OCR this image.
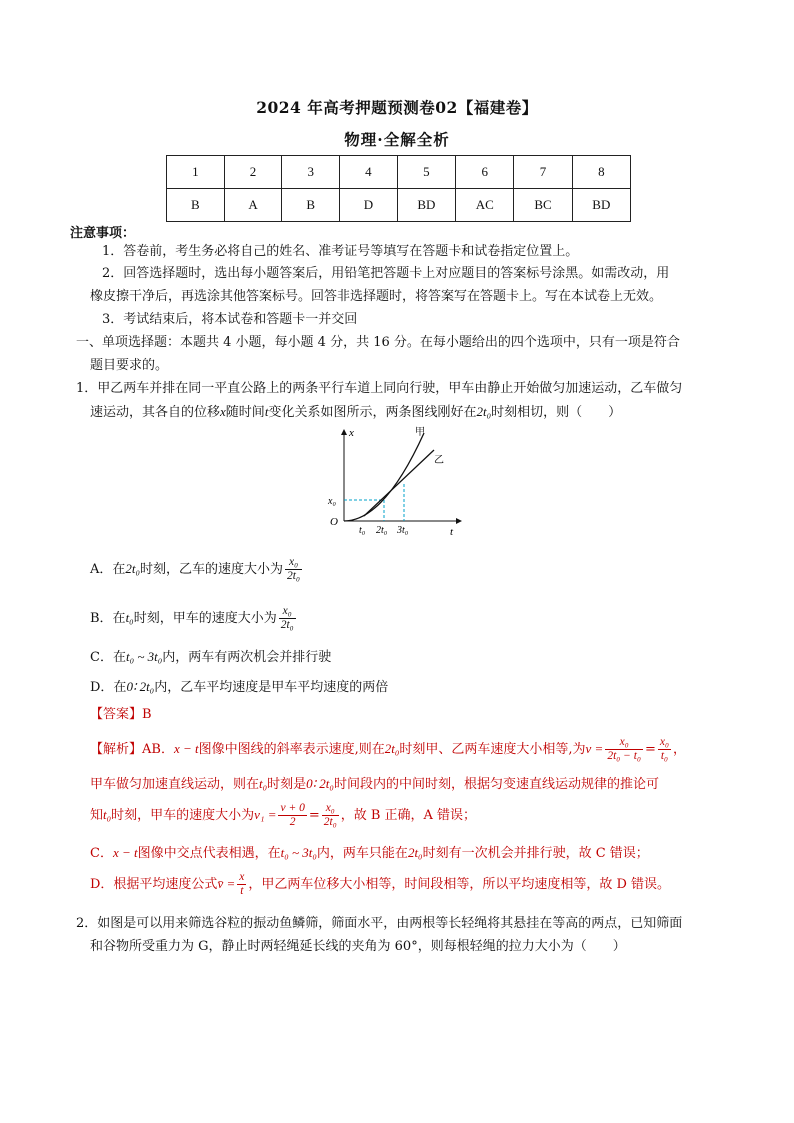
2024 年高考押题预测卷02【福建卷】
物理·全解全析
1	2	3	4	5	6	7	8
B	A	B	D	BD	AC	BC	BD
注意事项：
1．答卷前，考生务必将自己的姓名、准考证号等填写在答题卡和试卷指定位置上。
2．回答选择题时，选出每小题答案后，用铅笔把答题卡上对应题目的答案标号涂黑。如需改动，用
橡皮擦干净后，再选涂其他答案标号。回答非选择题时，将答案写在答题卡上。写在本试卷上无效。
3．考试结束后，将本试卷和答题卡一并交回
一、单项选择题：本题共 4 小题，每小题 4 分，共 16 分。在每小题给出的四个选项中，只有一项是符合
题目要求的。
1．甲乙两车并排在同一平直公路上的两条平行车道上同向行驶，甲车由静止开始做匀加速运动，乙车做匀
速运动，其各自的位移x随时间t变化关系如图所示，两条图线刚好在2t₀时刻相切，则（　　）
x
t
O
甲
乙
x₀
t₀ 2t₀ 3t₀
A．在2t₀时刻，乙车的速度大小为 $\frac{\text{x₀}}{\text{2t₀}}$
B．在t₀时刻，甲车的速度大小为 $\frac{\text{x₀}}{\text{2t₀}}$
C．在t₀ ~ 3t₀内，两车有两次机会并排行驶
D．在0∶ 2t₀内，乙车平均速度是甲车平均速度的两倍
【答案】B
【解析】AB．x − t图像中图线的斜率表示速度,则在2t₀时刻甲、乙两车速度大小相等,为$v = \frac{\text{x₀}}{\text{2t₀ − t₀}} = \frac{\text{x₀}}{\text{t₀}}$ ，
甲车做匀加速直线运动，则在t₀时刻是0∶ 2t₀时间段内的中间时刻，根据匀变速直线运动规律的推论可
知t₀时刻，甲车的速度大小为$v_1 = \frac{v + 0}{2} = \frac{\text{x₀}}{\text{2t₀}}$ ，故 B 正确，A 错误；
C．x − t图像中交点代表相遇，在t₀ ~ 3t₀内，两车只能在2t₀时刻有一次机会并排行驶，故 C 错误；
D．根据平均速度公式v̄ = $\frac{x}{t}$ ，甲乙两车位移大小相等，时间段相等，所以平均速度相等，故 D 错误。
2．如图是可以用来筛选谷粒的振动鱼鳞筛，筛面水平，由两根等长轻绳将其悬挂在等高的两点，已知筛面
和谷物所受重力为 G，静止时两轻绳延长线的夹角为 60°，则每根轻绳的拉力大小为（　　）
